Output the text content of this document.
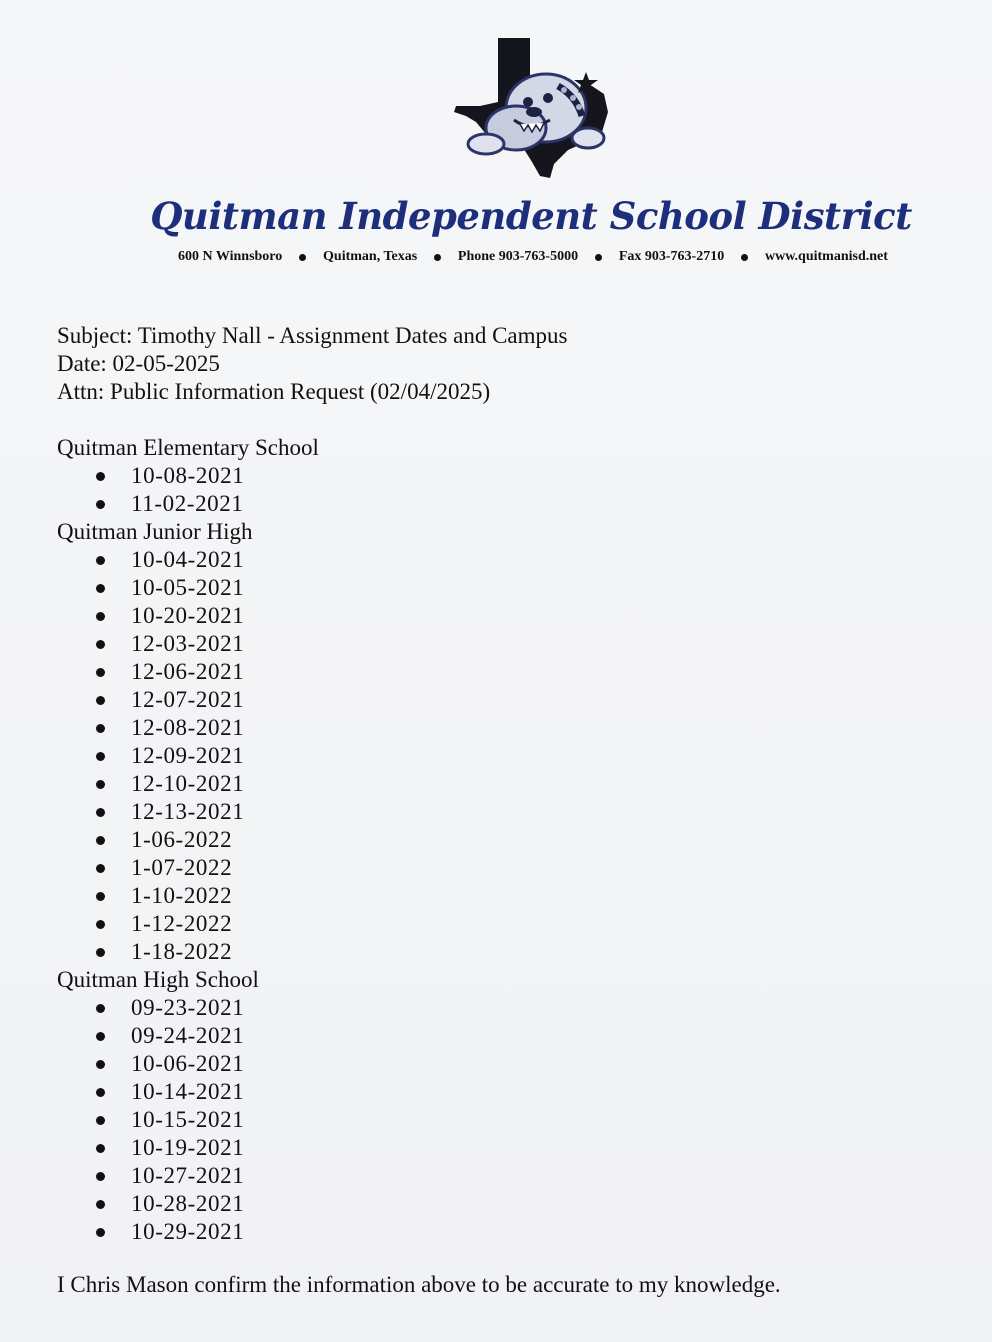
Quitman Independent School District
600 N Winnsboro	Quitman, Texas	Phone 903-763-5000	Fax 903-763-2710	www.quitmanisd.net
Subject: Timothy Nall - Assignment Dates and Campus
Date: 02-05-2025
Attn: Public Information Request (02/04/2025)
Quitman Elementary School
10-08-2021
11-02-2021
Quitman Junior High
10-04-2021
10-05-2021
10-20-2021
12-03-2021
12-06-2021
12-07-2021
12-08-2021
12-09-2021
12-10-2021
12-13-2021
1-06-2022
1-07-2022
1-10-2022
1-12-2022
1-18-2022
Quitman High School
09-23-2021
09-24-2021
10-06-2021
10-14-2021
10-15-2021
10-19-2021
10-27-2021
10-28-2021
10-29-2021
I Chris Mason confirm the information above to be accurate to my knowledge.
